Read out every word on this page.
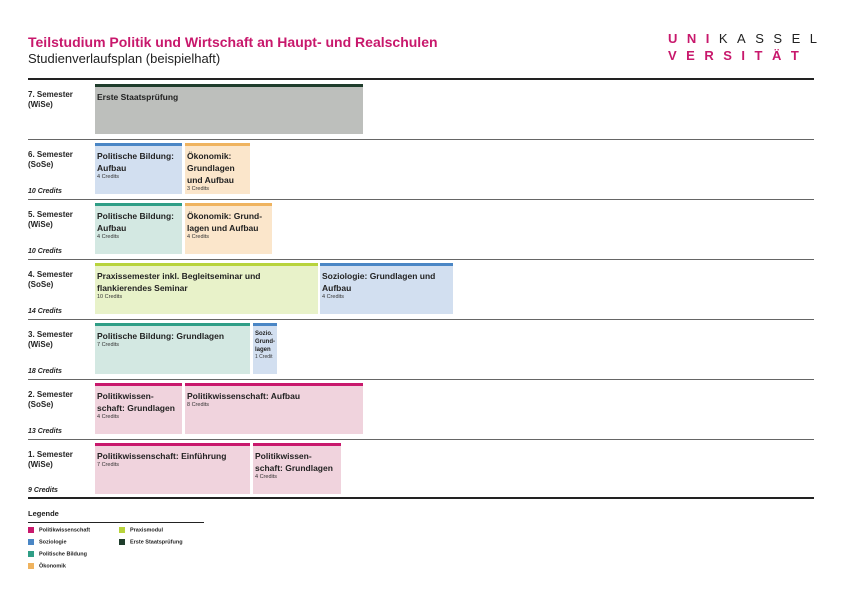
Teilstudium Politik und Wirtschaft an Haupt- und Realschulen
Studienverlaufsplan (beispielhaft)
UNIKASSEL
VERSITÄT
7. Semester
(WiSe)
6. Semester
(SoSe)
10 Credits
5. Semester
(WiSe)
10 Credits
4. Semester
(SoSe)
14 Credits
3. Semester
(WiSe)
18 Credits
2. Semester
(SoSe)
13 Credits
1. Semester
(WiSe)
9 Credits
Erste Staatsprüfung
Politische Bildung: Aufbau
4 Credits
Ökonomik: Grundlagen und Aufbau
3 Credits
Politische Bildung: Aufbau
4 Credits
Ökonomik: Grund-lagen und Aufbau
4 Credits
Praxissemester inkl. Begleitseminar und flankierendes Seminar
10 Credits
Soziologie: Grundlagen und Aufbau
4 Credits
Politische Bildung: Grundlagen
7 Credits
Sozio. Grund-lagen
1 Credit
Politikwissen-schaft: Grundlagen
4 Credits
Politikwissenschaft: Aufbau
8 Credits
Politikwissenschaft: Einführung
7 Credits
Politikwissen-schaft: Grundlagen
4 Credits
Legende
Politikwissenschaft
Soziologie
Politische Bildung
Ökonomik
Praxismodul
Erste Staatsprüfung
